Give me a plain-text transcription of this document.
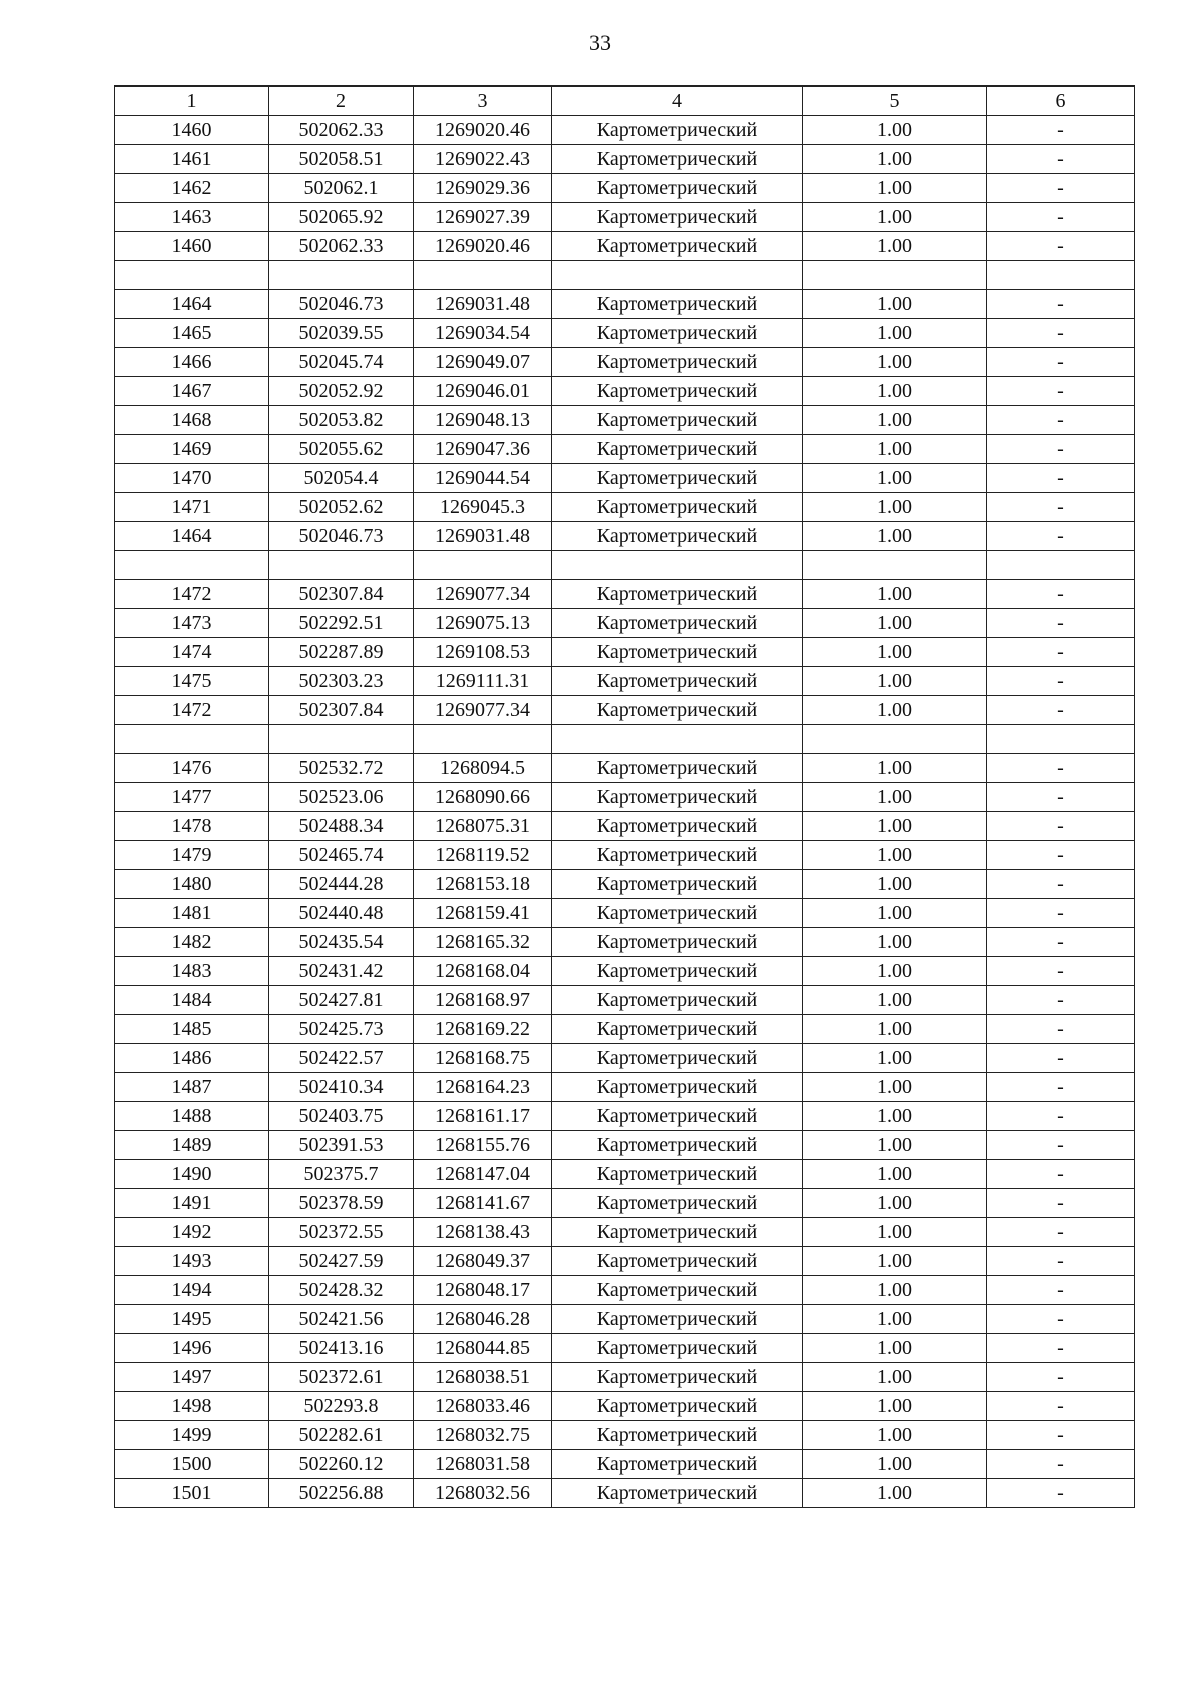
33
1	2	3	4	5	6
1460	502062.33	1269020.46	Картометрический	1.00	-
1461	502058.51	1269022.43	Картометрический	1.00	-
1462	502062.1	1269029.36	Картометрический	1.00	-
1463	502065.92	1269027.39	Картометрический	1.00	-
1460	502062.33	1269020.46	Картометрический	1.00	-

1464	502046.73	1269031.48	Картометрический	1.00	-
1465	502039.55	1269034.54	Картометрический	1.00	-
1466	502045.74	1269049.07	Картометрический	1.00	-
1467	502052.92	1269046.01	Картометрический	1.00	-
1468	502053.82	1269048.13	Картометрический	1.00	-
1469	502055.62	1269047.36	Картометрический	1.00	-
1470	502054.4	1269044.54	Картометрический	1.00	-
1471	502052.62	1269045.3	Картометрический	1.00	-
1464	502046.73	1269031.48	Картометрический	1.00	-

1472	502307.84	1269077.34	Картометрический	1.00	-
1473	502292.51	1269075.13	Картометрический	1.00	-
1474	502287.89	1269108.53	Картометрический	1.00	-
1475	502303.23	1269111.31	Картометрический	1.00	-
1472	502307.84	1269077.34	Картометрический	1.00	-

1476	502532.72	1268094.5	Картометрический	1.00	-
1477	502523.06	1268090.66	Картометрический	1.00	-
1478	502488.34	1268075.31	Картометрический	1.00	-
1479	502465.74	1268119.52	Картометрический	1.00	-
1480	502444.28	1268153.18	Картометрический	1.00	-
1481	502440.48	1268159.41	Картометрический	1.00	-
1482	502435.54	1268165.32	Картометрический	1.00	-
1483	502431.42	1268168.04	Картометрический	1.00	-
1484	502427.81	1268168.97	Картометрический	1.00	-
1485	502425.73	1268169.22	Картометрический	1.00	-
1486	502422.57	1268168.75	Картометрический	1.00	-
1487	502410.34	1268164.23	Картометрический	1.00	-
1488	502403.75	1268161.17	Картометрический	1.00	-
1489	502391.53	1268155.76	Картометрический	1.00	-
1490	502375.7	1268147.04	Картометрический	1.00	-
1491	502378.59	1268141.67	Картометрический	1.00	-
1492	502372.55	1268138.43	Картометрический	1.00	-
1493	502427.59	1268049.37	Картометрический	1.00	-
1494	502428.32	1268048.17	Картометрический	1.00	-
1495	502421.56	1268046.28	Картометрический	1.00	-
1496	502413.16	1268044.85	Картометрический	1.00	-
1497	502372.61	1268038.51	Картометрический	1.00	-
1498	502293.8	1268033.46	Картометрический	1.00	-
1499	502282.61	1268032.75	Картометрический	1.00	-
1500	502260.12	1268031.58	Картометрический	1.00	-
1501	502256.88	1268032.56	Картометрический	1.00	-
